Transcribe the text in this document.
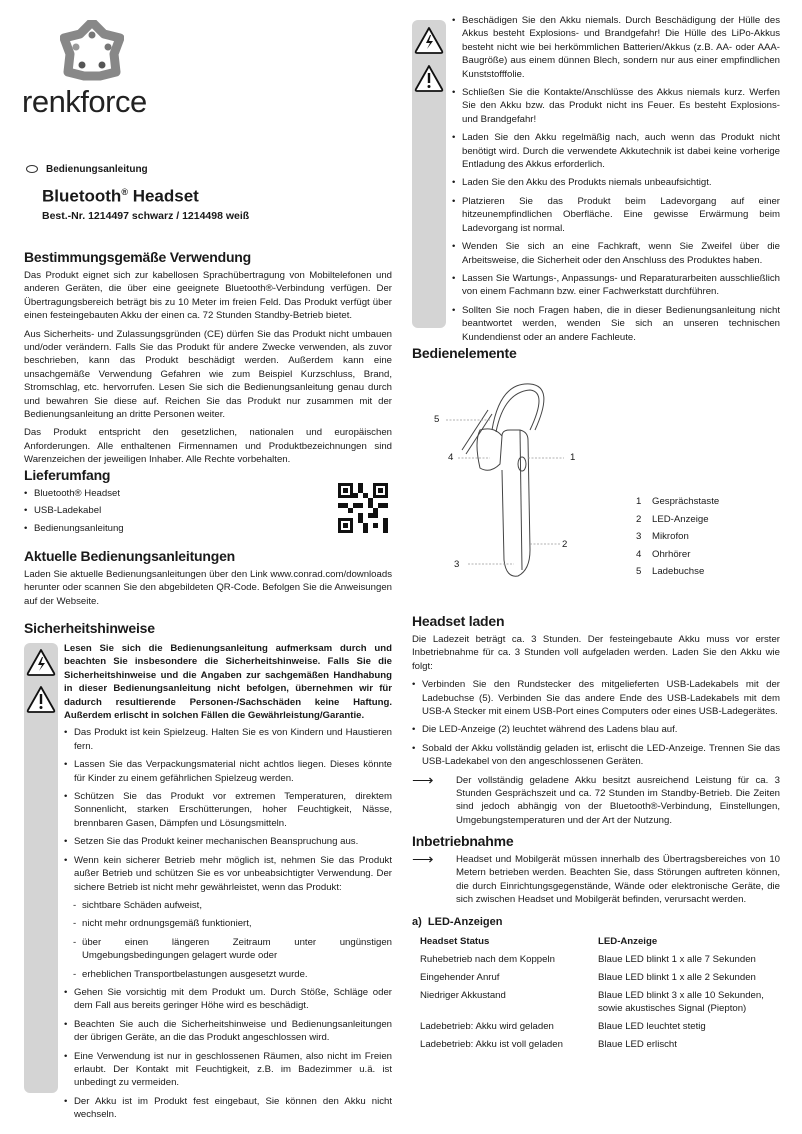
renkforce
Bedienungsanleitung
Bluetooth® Headset
Best.-Nr. 1214497 schwarz / 1214498 weiß
Bestimmungsgemäße Verwendung

Das Produkt eignet sich zur kabellosen Sprachübertragung von Mobiltelefonen und anderen Geräten, die über eine geeignete Bluetooth®-Verbindung verfügen. Der Übertragungsbereich beträgt bis zu 10 Meter im freien Feld. Das Produkt verfügt über einen festeingebauten Akku der einen ca. 72 Stunden Standby-Betrieb bietet.

Aus Sicherheits- und Zulassungsgründen (CE) dürfen Sie das Produkt nicht umbauen und/oder verändern. Falls Sie das Produkt für andere Zwecke verwenden, als zuvor beschrieben, kann das Produkt beschädigt werden. Außerdem kann eine unsachgemäße Verwendung Gefahren wie zum Beispiel Kurzschluss, Brand, Stromschlag, etc. hervorrufen. Lesen Sie sich die Bedienungsanleitung genau durch und bewahren Sie diese auf. Reichen Sie das Produkt nur zusammen mit der Bedienungsanleitung an dritte Personen weiter.

Das Produkt entspricht den gesetzlichen, nationalen und europäischen Anforderungen. Alle enthaltenen Firmennamen und Produktbezeichnungen sind Warenzeichen der jeweiligen Inhaber. Alle Rechte vorbehalten.

Lieferumfang
• Bluetooth® Headset
• USB-Ladekabel
• Bedienungsanleitung
Aktuelle Bedienungsanleitungen

Laden Sie aktuelle Bedienungsanleitungen über den Link www.conrad.com/downloads herunter oder scannen Sie den abgebildeten QR-Code. Befolgen Sie die Anweisungen auf der Webseite.

Sicherheitshinweise

Lesen Sie sich die Bedienungsanleitung aufmerksam durch und beachten Sie insbesondere die Sicherheitshinweise. Falls Sie die Sicherheitshinweise und die Angaben zur sachgemäßen Handhabung in dieser Bedienungsanleitung nicht befolgen, übernehmen wir für dadurch resultierende Personen-/Sachschäden keine Haftung. Außerdem erlischt in solchen Fällen die Gewährleistung/Garantie.

• Das Produkt ist kein Spielzeug. Halten Sie es von Kindern und Haustieren fern.
• Lassen Sie das Verpackungsmaterial nicht achtlos liegen. Dieses könnte für Kinder zu einem gefährlichen Spielzeug werden.
• Schützen Sie das Produkt vor extremen Temperaturen, direktem Sonnenlicht, starken Erschütterungen, hoher Feuchtigkeit, Nässe, brennbaren Gasen, Dämpfen und Lösungsmitteln.
• Setzen Sie das Produkt keiner mechanischen Beanspruchung aus.
• Wenn kein sicherer Betrieb mehr möglich ist, nehmen Sie das Produkt außer Betrieb und schützen Sie es vor unbeabsichtigter Verwendung. Der sichere Betrieb ist nicht mehr gewährleistet, wenn das Produkt:
- sichtbare Schäden aufweist,
- nicht mehr ordnungsgemäß funktioniert,
- über einen längeren Zeitraum unter ungünstigen Umgebungsbedingungen gelagert wurde oder
- erheblichen Transportbelastungen ausgesetzt wurde.
• Gehen Sie vorsichtig mit dem Produkt um. Durch Stöße, Schläge oder dem Fall aus bereits geringer Höhe wird es beschädigt.
• Beachten Sie auch die Sicherheitshinweise und Bedienungsanleitungen der übrigen Geräte, an die das Produkt angeschlossen wird.
• Eine Verwendung ist nur in geschlossenen Räumen, also nicht im Freien erlaubt. Der Kontakt mit Feuchtigkeit, z.B. im Badezimmer u.ä. ist unbedingt zu vermeiden.
• Der Akku ist im Produkt fest eingebaut, Sie können den Akku nicht wechseln.
• Beschädigen Sie den Akku niemals. Durch Beschädigung der Hülle des Akkus besteht Explosions- und Brandgefahr! Die Hülle des LiPo-Akkus besteht nicht wie bei herkömmlichen Batterien/Akkus (z.B. AA- oder AAA-Baugröße) aus einem dünnen Blech, sondern nur aus einer empfindlichen Kunststofffolie.
• Schließen Sie die Kontakte/Anschlüsse des Akkus niemals kurz. Werfen Sie den Akku bzw. das Produkt nicht ins Feuer. Es besteht Explosions- und Brandgefahr!
• Laden Sie den Akku regelmäßig nach, auch wenn das Produkt nicht benötigt wird. Durch die verwendete Akkutechnik ist dabei keine vorherige Entladung des Akkus erforderlich.
• Laden Sie den Akku des Produkts niemals unbeaufsichtigt.
• Platzieren Sie das Produkt beim Ladevorgang auf einer hitzeunempfindlichen Oberfläche. Eine gewisse Erwärmung beim Ladevorgang ist normal.
• Wenden Sie sich an eine Fachkraft, wenn Sie Zweifel über die Arbeitsweise, die Sicherheit oder den Anschluss des Produktes haben.
• Lassen Sie Wartungs-, Anpassungs- und Reparaturarbeiten ausschließlich von einem Fachmann bzw. einer Fachwerkstatt durchführen.
• Sollten Sie noch Fragen haben, die in dieser Bedienungsanleitung nicht beantwortet werden, wenden Sie sich an unseren technischen Kundendienst oder an andere Fachleute.
Bedienelemente
5
4	1
2
3
1 Gesprächstaste
2 LED-Anzeige
3 Mikrofon
4 Ohrhörer
5 Ladebuchse
Headset laden

Die Ladezeit beträgt ca. 3 Stunden. Der festeingebaute Akku muss vor erster Inbetriebnahme für ca. 3 Stunden voll aufgeladen werden. Laden Sie den Akku wie folgt:

• Verbinden Sie den Rundstecker des mitgelieferten USB-Ladekabels mit der Ladebuchse (5). Verbinden Sie das andere Ende des USB-Ladekabels mit dem USB-A Stecker mit einem USB-Port eines Computers oder eines USB-Ladegerätes.
• Die LED-Anzeige (2) leuchtet während des Ladens blau auf.
• Sobald der Akku vollständig geladen ist, erlischt die LED-Anzeige. Trennen Sie das USB-Ladekabel von den angeschlossenen Geräten.
⟶ Der vollständig geladene Akku besitzt ausreichend Leistung für ca. 3 Stunden Gesprächszeit und ca. 72 Stunden im Standby-Betrieb. Die Zeiten sind jedoch abhängig von der Bluetooth®-Verbindung, Einstellungen, Umgebungstemperaturen und der Art der Nutzung.
Inbetriebnahme
⟶ Headset und Mobilgerät müssen innerhalb des Übertragsbereiches von 10 Metern betrieben werden. Beachten Sie, dass Störungen auftreten können, die durch Einrichtungsgegenstände, Wände oder elektronische Geräte, die sich zwischen Headset und Mobilgerät befinden, verursacht werden.
a)  LED-Anzeigen
Headset Status	LED-Anzeige
Ruhebetrieb nach dem Koppeln	Blaue LED blinkt 1 x alle 7 Sekunden
Eingehender Anruf	Blaue LED blinkt 1 x alle 2 Sekunden
Niedriger Akkustand	Blaue LED blinkt 3 x alle 10 Sekunden, sowie akustisches Signal (Piepton)
Ladebetrieb: Akku wird geladen	Blaue LED leuchtet stetig
Ladebetrieb: Akku ist voll geladen	Blaue LED erlischt
